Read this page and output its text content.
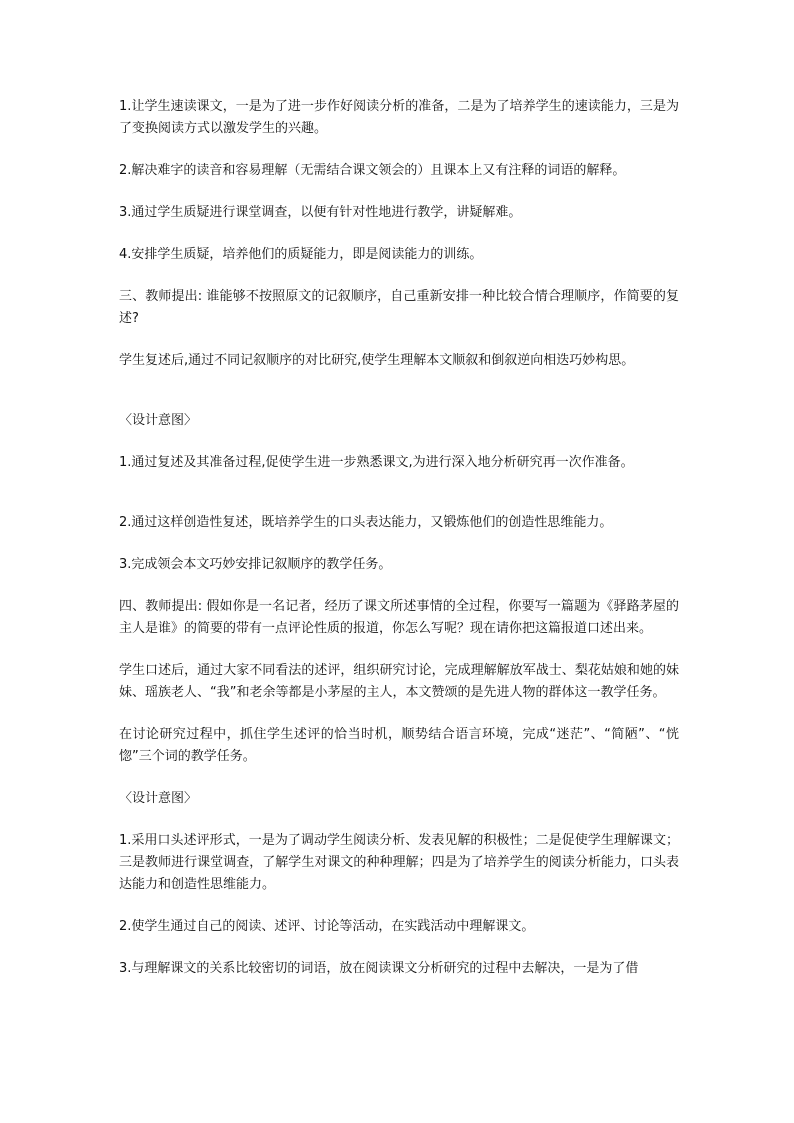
1.让学生速读课文，一是为了进一步作好阅读分析的准备，二是为了培养学生的速读能力，三是为了变换阅读方式以激发学生的兴趣。

2.解决难字的读音和容易理解（无需结合课文领会的）且课本上又有注释的词语的解释。

3.通过学生质疑进行课堂调查，以便有针对性地进行教学，讲疑解难。

4.安排学生质疑，培养他们的质疑能力，即是阅读能力的训练。

三、教师提出: 谁能够不按照原文的记叙顺序，自己重新安排一种比较合情合理顺序，作简要的复述?

学生复述后,通过不同记叙顺序的对比研究,使学生理解本文顺叙和倒叙逆向相迭巧妙构思。

〈设计意图〉

1.通过复述及其准备过程,促使学生进一步熟悉课文,为进行深入地分析研究再一次作准备。

2.通过这样创造性复述，既培养学生的口头表达能力，又锻炼他们的创造性思维能力。

3.完成领会本文巧妙安排记叙顺序的教学任务。

四、教师提出: 假如你是一名记者，经历了课文所述事情的全过程，你要写一篇题为《驿路茅屋的主人是谁》的简要的带有一点评论性质的报道，你怎么写呢？现在请你把这篇报道口述出来。

学生口述后，通过大家不同看法的述评，组织研究讨论，完成理解解放军战士、梨花姑娘和她的妹妹、瑶族老人、“我”和老余等都是小茅屋的主人，本文赞颂的是先进人物的群体这一教学任务。

在讨论研究过程中，抓住学生述评的恰当时机，顺势结合语言环境，完成“迷茫”、“简陋”、“恍惚”三个词的教学任务。

〈设计意图〉

1.采用口头述评形式，一是为了调动学生阅读分析、发表见解的积极性；二是促使学生理解课文；三是教师进行课堂调查，了解学生对课文的种种理解；四是为了培养学生的阅读分析能力，口头表达能力和创造性思维能力。

2.使学生通过自己的阅读、述评、讨论等活动，在实践活动中理解课文。

3.与理解课文的关系比较密切的词语，放在阅读课文分析研究的过程中去解决，一是为了借
